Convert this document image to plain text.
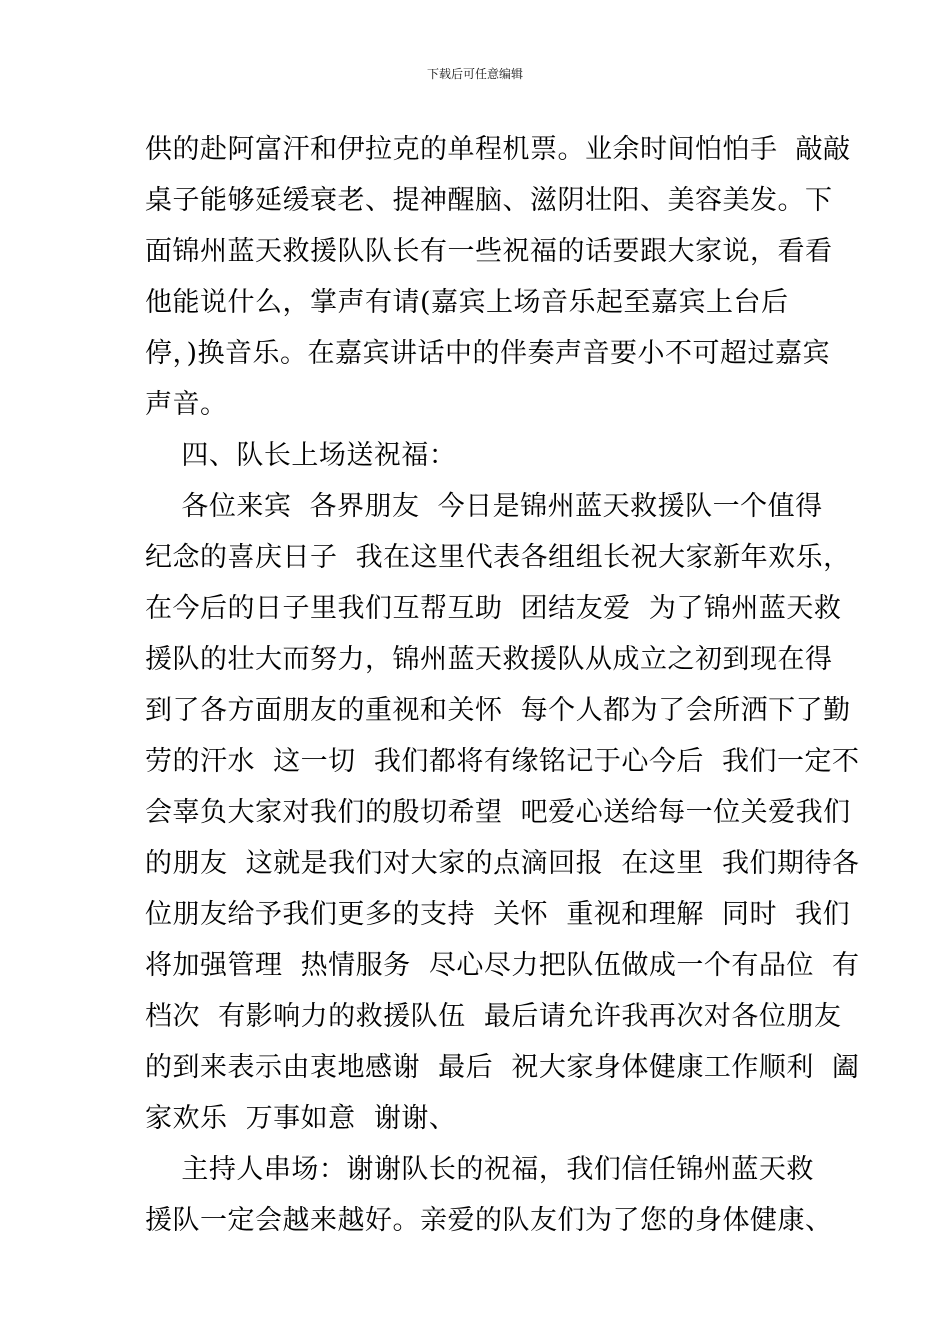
下载后可任意编辑
供的赴阿富汗和伊拉克的单程机票。业余时间怕怕手  敲敲
桌子能够延缓衰老、提神醒脑、滋阴壮阳、美容美发。下
面锦州蓝天救援队队长有一些祝福的话要跟大家说，看看
他能说什么，掌声有请(嘉宾上场音乐起至嘉宾上台后
停，)换音乐。在嘉宾讲话中的伴奏声音要小不可超过嘉宾
声音。
四、队长上场送祝福：
各位来宾  各界朋友  今日是锦州蓝天救援队一个值得
纪念的喜庆日子  我在这里代表各组组长祝大家新年欢乐，
在今后的日子里我们互帮互助  团结友爱  为了锦州蓝天救
援队的壮大而努力，锦州蓝天救援队从成立之初到现在得
到了各方面朋友的重视和关怀  每个人都为了会所洒下了勤
劳的汗水  这一切  我们都将有缘铭记于心今后  我们一定不
会辜负大家对我们的殷切希望  吧爱心送给每一位关爱我们
的朋友  这就是我们对大家的点滴回报  在这里  我们期待各
位朋友给予我们更多的支持  关怀  重视和理解  同时  我们
将加强管理  热情服务  尽心尽力把队伍做成一个有品位  有
档次  有影响力的救援队伍  最后请允许我再次对各位朋友
的到来表示由衷地感谢  最后  祝大家身体健康工作顺利  阖
家欢乐  万事如意  谢谢、
主持人串场：谢谢队长的祝福，我们信任锦州蓝天救
援队一定会越来越好。亲爱的队友们为了您的身体健康、
